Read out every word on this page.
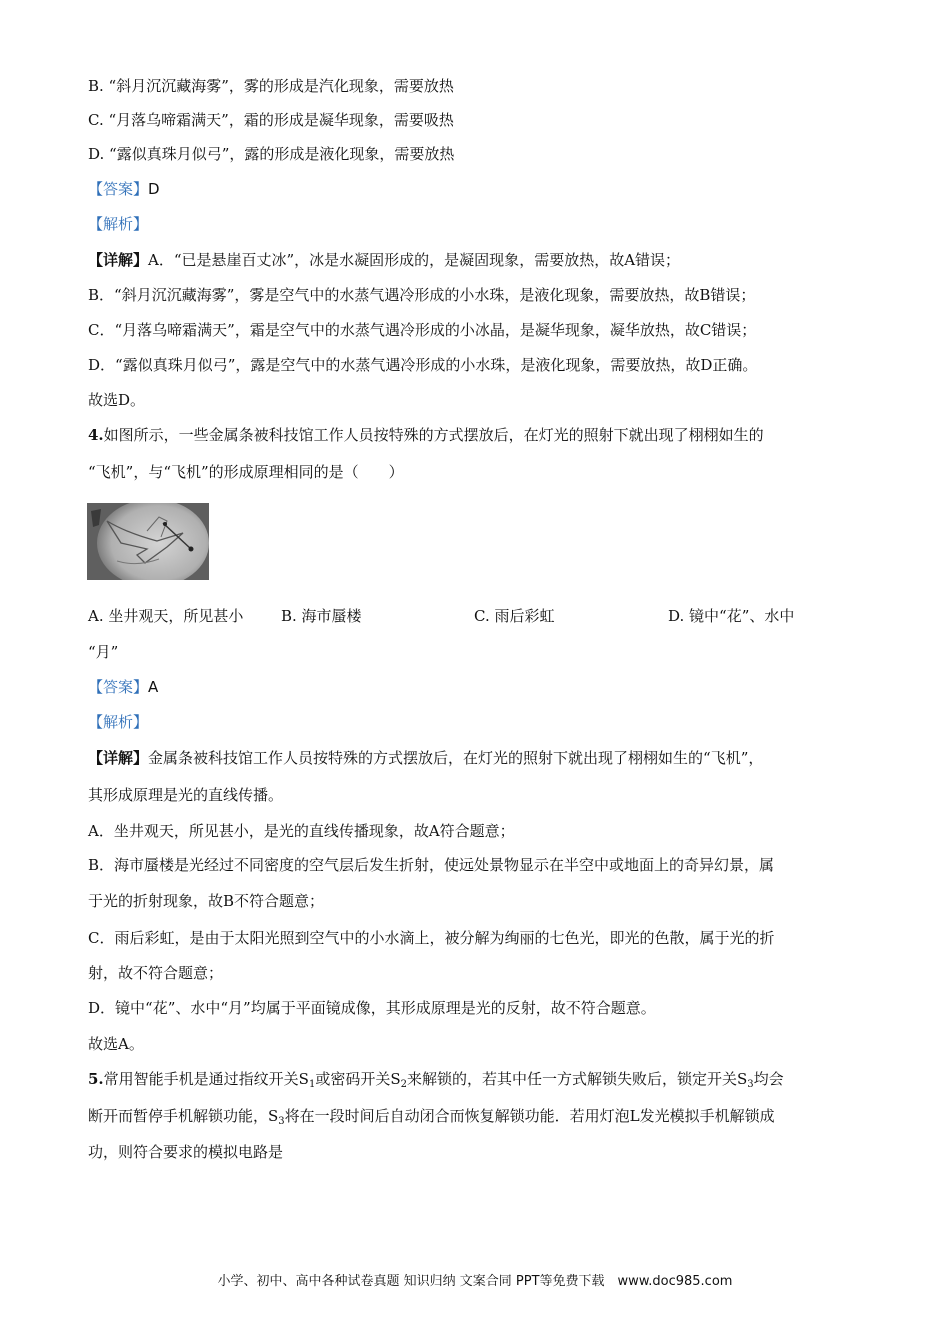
B. “斜月沉沉藏海雾”，雾的形成是汽化现象，需要放热
C. “月落乌啼霜满天”，霜的形成是凝华现象，需要吸热
D. “露似真珠月似弓”，露的形成是液化现象，需要放热
【答案】D
【解析】
【详解】A．“已是悬崖百丈冰”，冰是水凝固形成的，是凝固现象，需要放热，故A错误；
B．“斜月沉沉藏海雾”，雾是空气中的水蒸气遇冷形成的小水珠，是液化现象，需要放热，故B错误；
C．“月落乌啼霜满天”，霜是空气中的水蒸气遇冷形成的小冰晶，是凝华现象，凝华放热，故C错误；
D．“露似真珠月似弓”，露是空气中的水蒸气遇冷形成的小水珠，是液化现象，需要放热，故D正确。
故选D。
4.如图所示，一些金属条被科技馆工作人员按特殊的方式摆放后，在灯光的照射下就出现了栩栩如生的
“飞机”，与“飞机”的形成原理相同的是（　　）
A. 坐井观天，所见甚小	B. 海市蜃楼	C. 雨后彩虹	D. 镜中“花”、水中
“月”
【答案】A
【解析】
【详解】金属条被科技馆工作人员按特殊的方式摆放后，在灯光的照射下就出现了栩栩如生的“飞机”，
其形成原理是光的直线传播。
A．坐井观天，所见甚小，是光的直线传播现象，故A符合题意；
B．海市蜃楼是光经过不同密度的空气层后发生折射，使远处景物显示在半空中或地面上的奇异幻景，属
于光的折射现象，故B不符合题意；
C．雨后彩虹，是由于太阳光照到空气中的小水滴上，被分解为绚丽的七色光，即光的色散，属于光的折
射，故不符合题意；
D．镜中“花”、水中“月”均属于平面镜成像，其形成原理是光的反射，故不符合题意。
故选A。
5.常用智能手机是通过指纹开关$S_1$或密码开关$S_2$来解锁的，若其中任一方式解锁失败后，锁定开关$S_3$均会
断开而暂停手机解锁功能，$S_3$将在一段时间后自动闭合而恢复解锁功能．若用灯泡L发光模拟手机解锁成
功，则符合要求的模拟电路是
小学、初中、高中各种试卷真题 知识归纳 文案合同 PPT等免费下载　www.doc985.com
